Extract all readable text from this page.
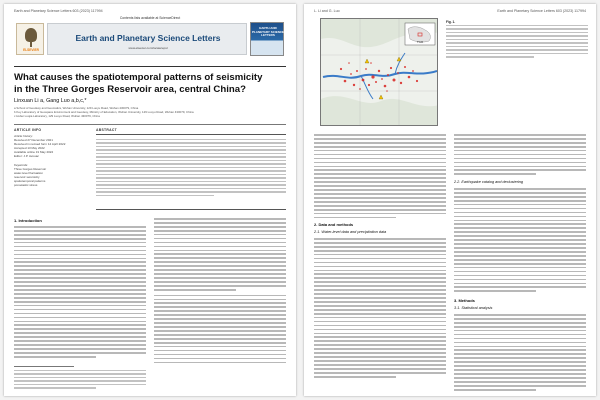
Earth and Planetary Science Letters 603 (2023) 117994
Contents lists available at ScienceDirect
ELSEVIER
Earth and Planetary Science Letters
www.elsevier.com/locate/epsl
EARTH AND PLANETARY SCIENCE LETTERS
What causes the spatiotemporal patterns of seismicity in the Three Gorges Reservoir area, central China?
Linxuan Li a, Gang Luo a,b,c,*
a School of Geodesy and Geomatics, Wuhan University, 129 Luoyu Road, Wuhan 430079, China
b Key Laboratory of Geospace Environment and Geodesy, Ministry of Education, Wuhan University, 129 Luoyu Road, Wuhan 430079, China
c Hubei Luojia Laboratory, 129 Luoyu Road, Wuhan 430079, China
ARTICLE INFO
Article history:
Received 27 December 2021
Received in revised form 14 April 2022
Accepted 13 May 2022
Available online 31 May 2022
Editor: J.P. Avouac
Keywords:
Three Gorges Reservoir
water-level fluctuation
reservoir seismicity
spatiotemporal patterns
poroelastic stress
ABSTRACT
1. Introduction
L. Li and G. Luo	Earth and Planetary Science Letters 603 (2023) 117994
TGR
Fig. 1.
2. Data and methods
2.1. Water-level data and precipitation data
2.2. Earthquake catalog and declustering
3. Methods
3.1. Statistical analysis
